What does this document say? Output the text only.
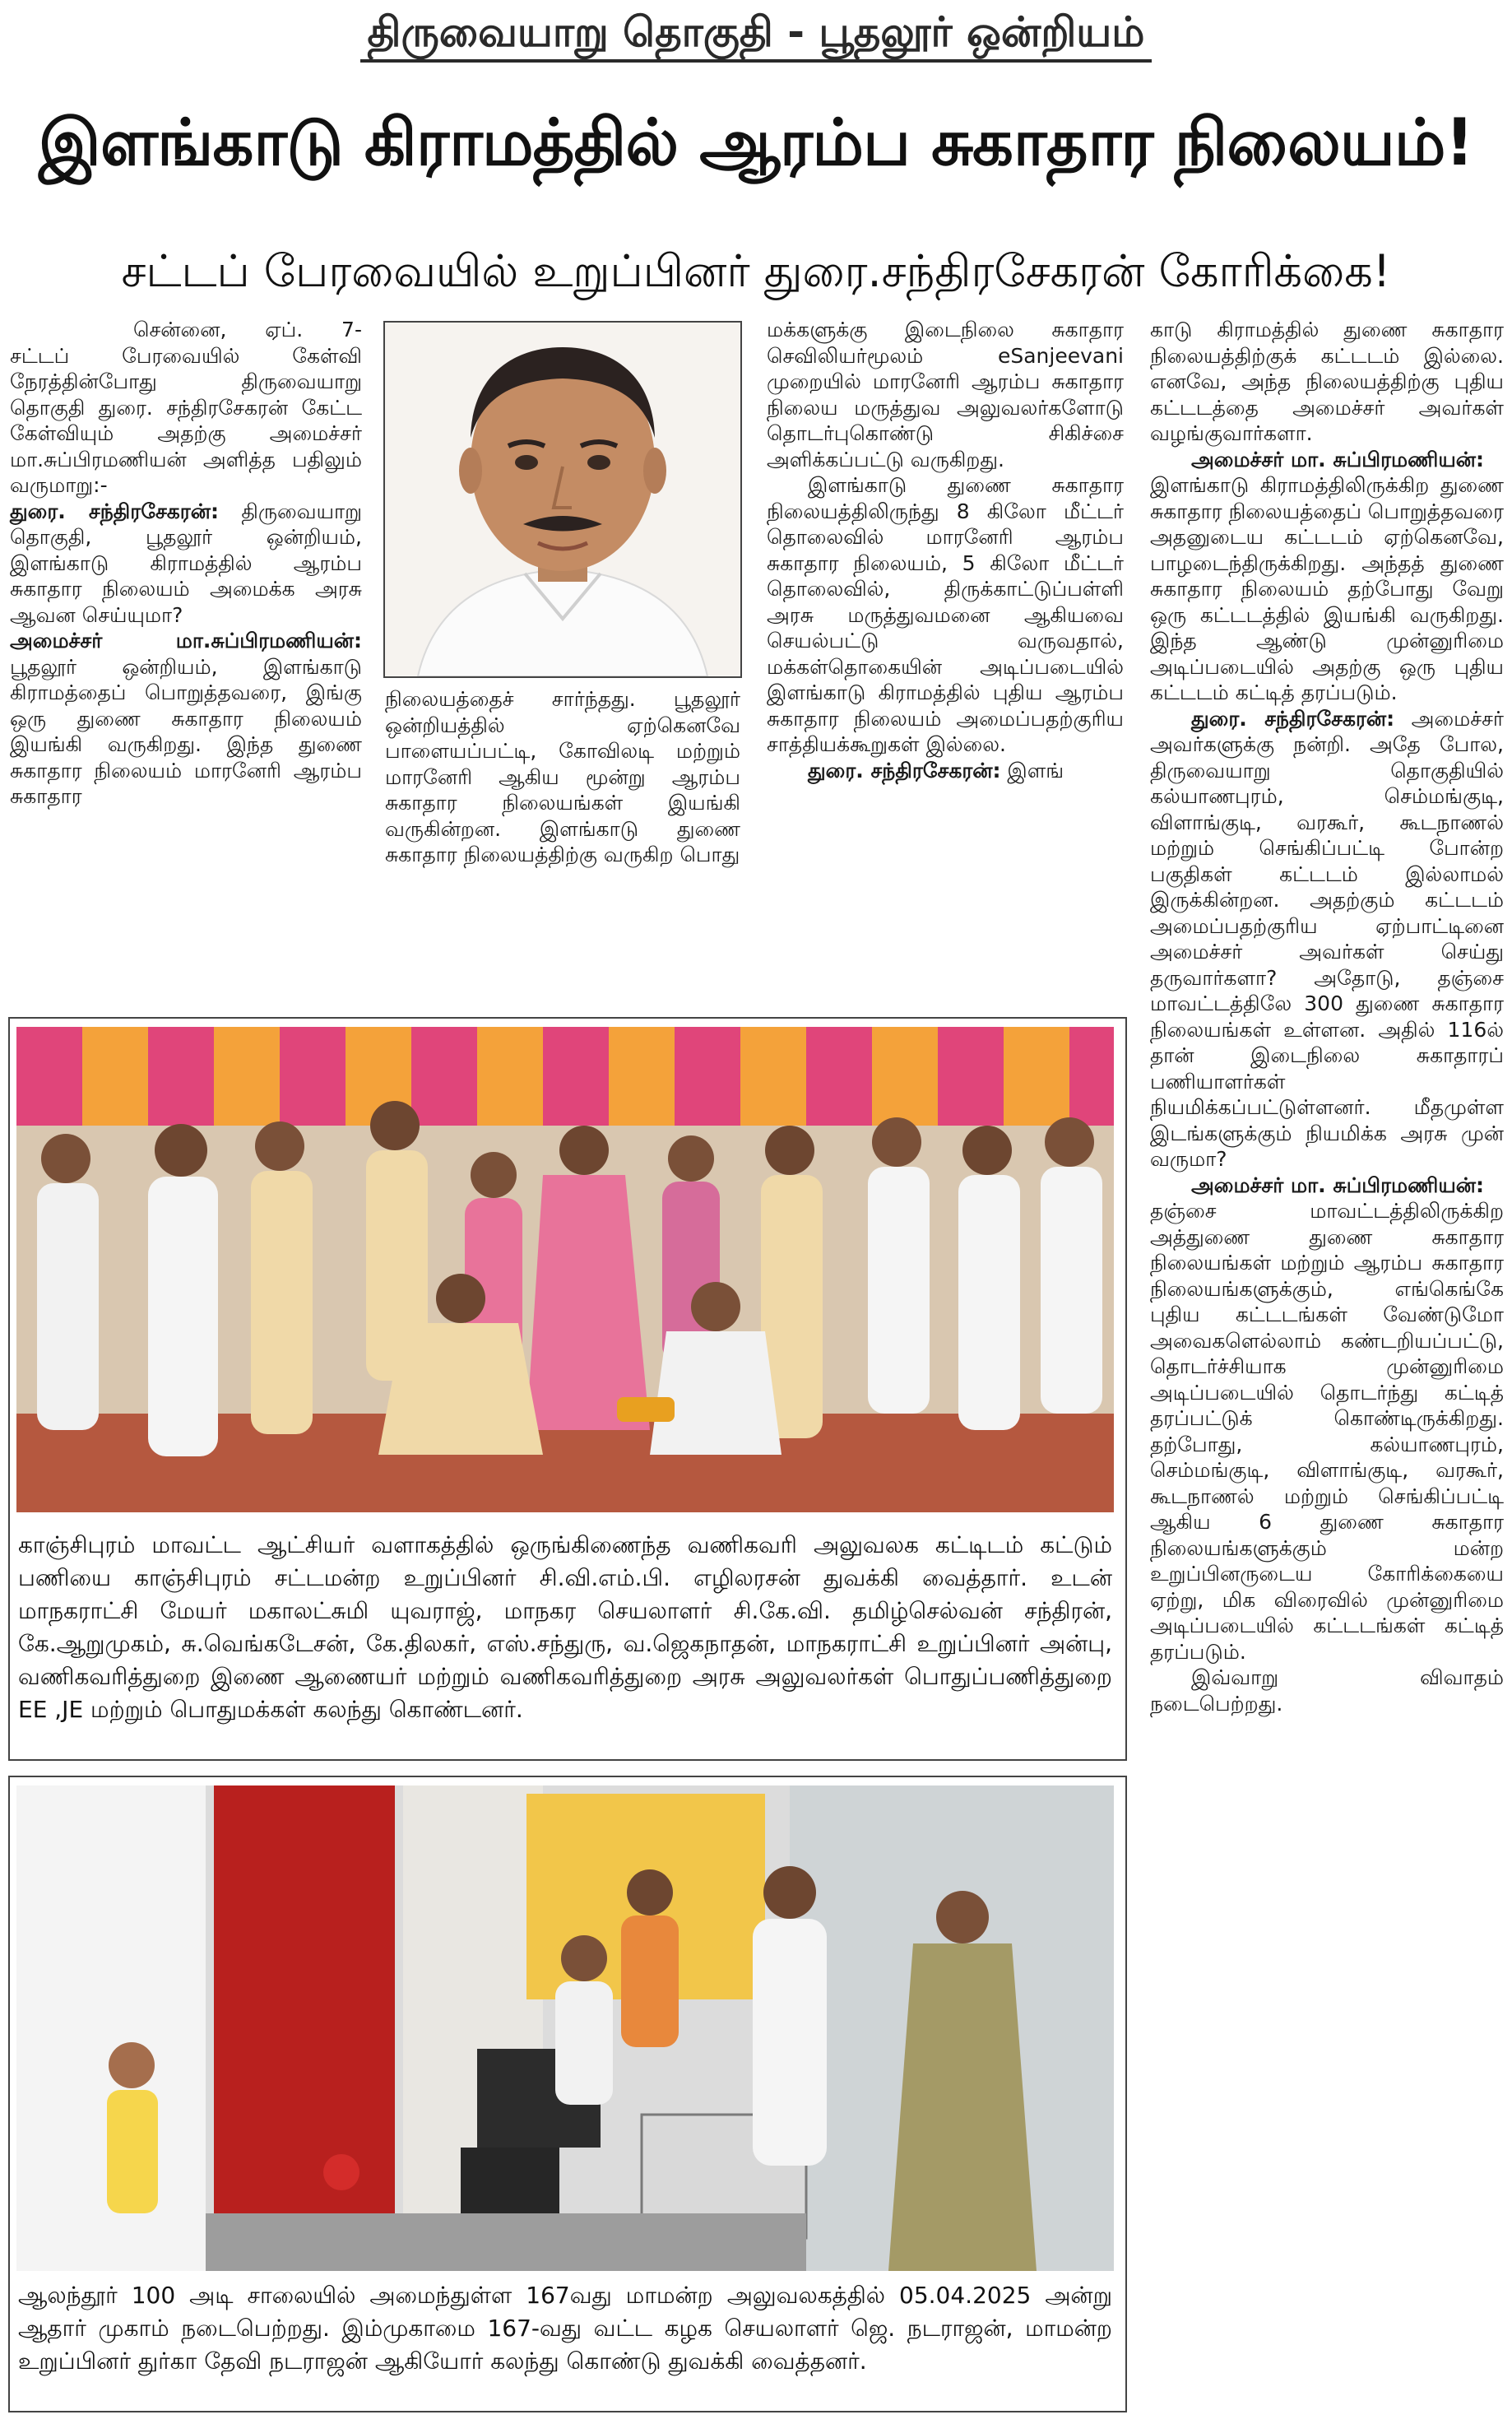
திருவையாறு தொகுதி - பூதலூர் ஒன்றியம்
இளங்காடு கிராமத்தில் ஆரம்ப சுகாதார நிலையம்!
சட்டப் பேரவையில் உறுப்பினர் துரை.சந்திரசேகரன் கோரிக்கை!

சென்னை, ஏப். 7- சட்டப் பேரவையில் கேள்வி நேரத்தின்போது திருவையாறு தொகுதி துரை. சந்திரசேகரன் கேட்ட கேள்வியும் அதற்கு அமைச்சர் மா.சுப்பிரமணியன் அளித்த பதிலும் வருமாறு:-

துரை. சந்திரசேகரன்: திருவையாறு தொகுதி, பூதலூர் ஒன்றியம், இளங்காடு கிராமத்தில் ஆரம்ப சுகாதார நிலையம் அமைக்க அரசு ஆவன செய்யுமா?

அமைச்சர் மா.சுப்பிரமணியன்: பூதலூர் ஒன்றியம், இளங்காடு கிராமத்தைப் பொறுத்தவரை, இங்கு ஒரு துணை சுகாதார நிலையம் இயங்கி வருகிறது. இந்த துணை சுகாதார நிலையம் மாரனேரி ஆரம்ப சுகாதார

நிலையத்தைச் சார்ந்தது. பூதலூர் ஒன்றியத்தில் ஏற்கெனவே பாளையப்பட்டி, கோவிலடி மற்றும் மாரனேரி ஆகிய மூன்று ஆரம்ப சுகாதார நிலையங்கள் இயங்கி வருகின்றன. இளங்காடு துணை சுகாதார நிலையத்திற்கு வருகிற பொது

மக்களுக்கு இடைநிலை சுகாதார செவிலியர்மூலம் eSanjeevani முறையில் மாரனேரி ஆரம்ப சுகாதார நிலைய மருத்துவ அலுவலர்களோடு தொடர்புகொண்டு சிகிச்சை அளிக்கப்பட்டு வருகிறது.

இளங்காடு துணை சுகாதார நிலையத்திலிருந்து 8 கிலோ மீட்டர் தொலைவில் மாரனேரி ஆரம்ப சுகாதார நிலையம், 5 கிலோ மீட்டர் தொலைவில், திருக்காட்டுப்பள்ளி அரசு மருத்துவமனை ஆகியவை செயல்பட்டு வருவதால், மக்கள்தொகையின் அடிப்படையில் இளங்காடு கிராமத்தில் புதிய ஆரம்ப சுகாதார நிலையம் அமைப்பதற்குரிய சாத்தியக்கூறுகள் இல்லை.

துரை. சந்திரசேகரன்: இளங்

காடு கிராமத்தில் துணை சுகாதார நிலையத்திற்குக் கட்டடம் இல்லை. எனவே, அந்த நிலையத்திற்கு புதிய கட்டடத்தை அமைச்சர் அவர்கள் வழங்குவார்களா.

அமைச்சர் மா. சுப்பிரமணியன்:

இளங்காடு கிராமத்திலிருக்கிற துணை சுகாதார நிலையத்தைப் பொறுத்தவரை அதனுடைய கட்டடம் ஏற்கெனவே, பாழடைந்திருக்கிறது. அந்தத் துணை சுகாதார நிலையம் தற்போது வேறு ஒரு கட்டடத்தில் இயங்கி வருகிறது. இந்த ஆண்டு முன்னுரிமை அடிப்படையில் அதற்கு ஒரு புதிய கட்டடம் கட்டித் தரப்படும்.

துரை. சந்திரசேகரன்: அமைச்சர் அவர்களுக்கு நன்றி. அதே போல, திருவையாறு தொகுதியில் கல்யாணபுரம், செம்மங்குடி, விளாங்குடி, வரகூர், கூடநாணல் மற்றும் செங்கிப்பட்டி போன்ற பகுதிகள் கட்டடம் இல்லாமல் இருக்கின்றன. அதற்கும் கட்டடம் அமைப்பதற்குரிய ஏற்பாட்டினை அமைச்சர் அவர்கள் செய்து தருவார்களா? அதோடு, தஞ்சை மாவட்டத்திலே 300 துணை சுகாதார நிலையங்கள் உள்ளன. அதில் 116ல் தான் இடைநிலை சுகாதாரப் பணியாளர்கள் நியமிக்கப்பட்டுள்ளனர். மீதமுள்ள இடங்களுக்கும் நியமிக்க அரசு முன் வருமா?

அமைச்சர் மா. சுப்பிரமணியன்:

தஞ்சை மாவட்டத்திலிருக்கிற அத்துணை துணை சுகாதார நிலையங்கள் மற்றும் ஆரம்ப சுகாதார நிலையங்களுக்கும், எங்கெங்கே புதிய கட்டடங்கள் வேண்டுமோ அவைகளெல்லாம் கண்டறியப்பட்டு, தொடர்ச்சியாக முன்னுரிமை அடிப்படையில் தொடர்ந்து கட்டித் தரப்பட்டுக் கொண்டிருக்கிறது. தற்போது, கல்யாணபுரம், செம்மங்குடி, விளாங்குடி, வரகூர், கூடநாணல் மற்றும் செங்கிப்பட்டி ஆகிய 6 துணை சுகாதார நிலையங்களுக்கும் மன்ற உறுப்பினருடைய கோரிக்கையை ஏற்று, மிக விரைவில் முன்னுரிமை அடிப்படையில் கட்டடங்கள் கட்டித் தரப்படும்.

இவ்வாறு விவாதம் நடைபெற்றது.

காஞ்சிபுரம் மாவட்ட ஆட்சியர் வளாகத்தில் ஒருங்கிணைந்த வணிகவரி அலுவலக கட்டிடம் கட்டும் பணியை காஞ்சிபுரம் சட்டமன்ற உறுப்பினர் சி.வி.எம்.பி. எழிலரசன் துவக்கி வைத்தார். உடன் மாநகராட்சி மேயர் மகாலட்சுமி யுவராஜ், மாநகர செயலாளர் சி.கே.வி. தமிழ்செல்வன் சந்திரன், கே.ஆறுமுகம், சு.வெங்கடேசன், கே.திலகர், எஸ்.சந்துரு, வ.ஜெகநாதன், மாநகராட்சி உறுப்பினர் அன்பு, வணிகவரித்துறை இணை ஆணையர் மற்றும் வணிகவரித்துறை அரசு அலுவலர்கள் பொதுப்பணித்துறை EE ,JE மற்றும் பொதுமக்கள் கலந்து கொண்டனர்.
ஆலந்தூர் 100 அடி சாலையில் அமைந்துள்ள 167வது மாமன்ற அலுவலகத்தில் 05.04.2025 அன்று ஆதார் முகாம் நடைபெற்றது. இம்முகாமை 167-வது வட்ட கழக செயலாளர் ஜெ. நடராஜன், மாமன்ற உறுப்பினர் துர்கா தேவி நடராஜன் ஆகியோர் கலந்து கொண்டு துவக்கி வைத்தனர்.
